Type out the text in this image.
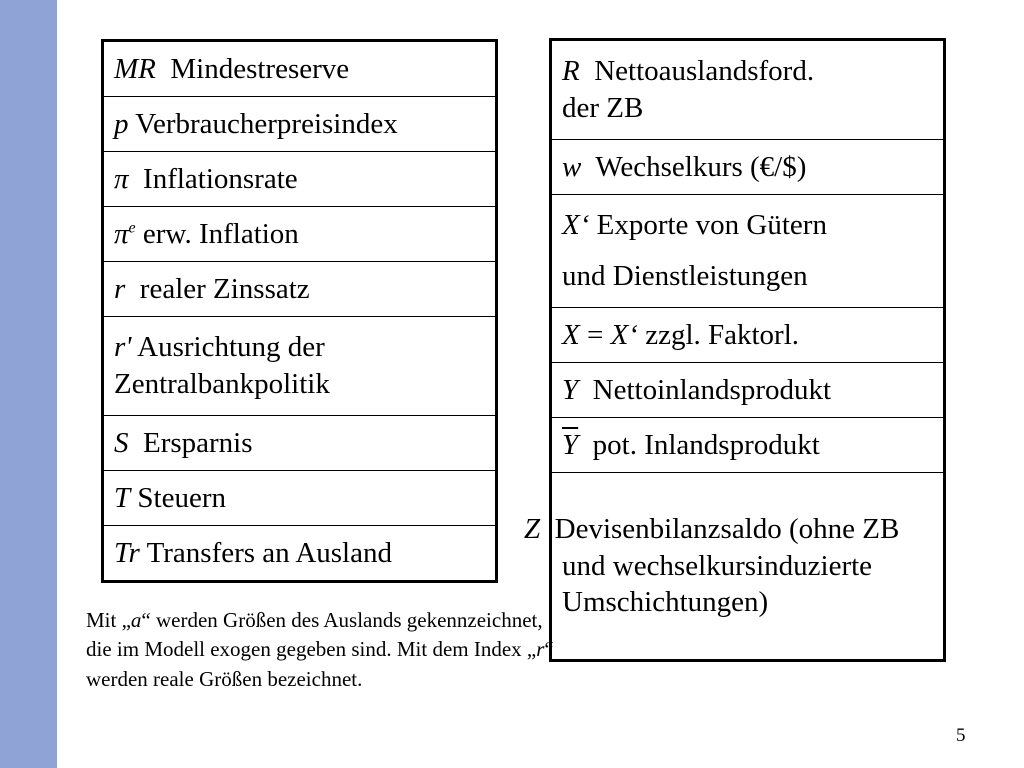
MR Mindestreserve
p Verbraucherpreisindex
π Inflationsrate
$\pi^e$ erw. Inflation
r realer Zinssatz
r' Ausrichtung der Zentralbankpolitik
S Ersparnis
T Steuern
Tr Transfers an Ausland
R Nettoauslandsford.
der ZB
w Wechselkurs (€/$)
X‘ Exporte von Gütern
und Dienstleistungen
X = X‘ zzgl. Faktorl.
Y Nettoinlandsprodukt
$\overline{Y}$ pot. Inlandsprodukt
Z Devisenbilanzsaldo (ohne ZB und wechselkursinduzierte Umschichtungen)

Mit „a“ werden Größen des Auslands gekennzeichnet, die im Modell exogen gegeben sind. Mit dem Index „r“ werden reale Größen bezeichnet.

5
